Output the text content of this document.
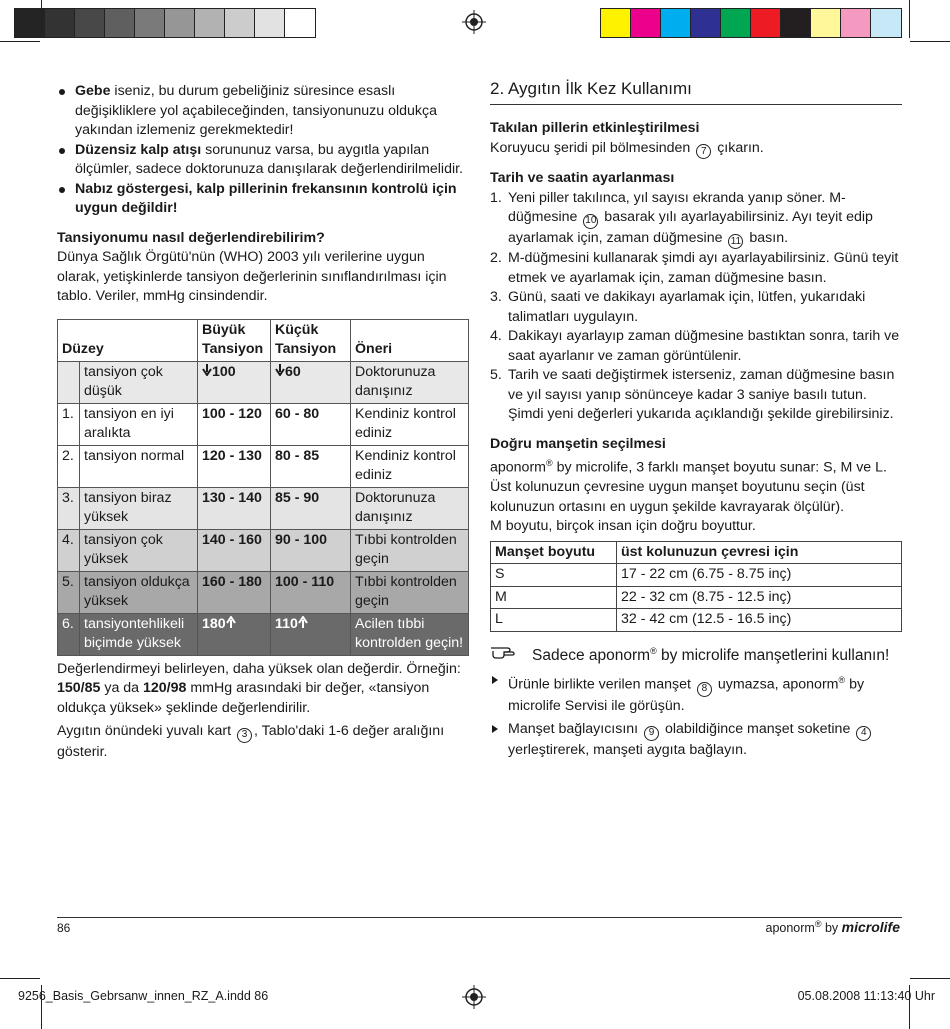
Gebe iseniz, bu durum gebeliğiniz süresince esaslı değişikliklere yol açabileceğinden, tansiyonunuzu oldukça yakından izlemeniz gerekmektedir!
Düzensiz kalp atışı sorununuz varsa, bu aygıtla yapılan ölçümler, sadece doktorunuza danışılarak değerlendirilmelidir.
Nabız göstergesi, kalp pillerinin frekansının kontrolü için uygun değildir!
Tansiyonumu nasıl değerlendirebilirim?
Dünya Sağlık Örgütü'nün (WHO) 2003 yılı verilerine uygun olarak, yetişkinlerde tansiyon değerlerinin sınıflandırılması için tablo. Veriler, mmHg cinsindendir.
Düzey		Büyük Tansiyon	Küçük Tansiyon	Öneri
	tansiyon çok düşük	100	60	Doktorunuza danışınız
1.	tansiyon en iyi aralıkta	100 - 120	60 - 80	Kendiniz kontrol ediniz
2.	tansiyon normal	120 - 130	80 - 85	Kendiniz kontrol ediniz
3.	tansiyon biraz yüksek	130 - 140	85 - 90	Doktorunuza danışınız
4.	tansiyon çok yüksek	140 - 160	90 - 100	Tıbbi kontrolden geçin
5.	tansiyon oldukça yüksek	160 - 180	100 - 110	Tıbbi kontrolden geçin
6.	tansiyontehlikeli biçimde yüksek	180	110	Acilen tıbbi kontrolden geçin!
Değerlendirmeyi belirleyen, daha yüksek olan değerdir. Örneğin: 150/85 ya da 120/98 mmHg arasındaki bir değer, «tansiyon oldukça yüksek» şeklinde değerlendirilir.
Aygıtın önündeki yuvalı kart 3 , Tablo'daki 1-6 değer aralığını gösterir.
2. Aygıtın İlk Kez Kullanımı
Takılan pillerin etkinleştirilmesi
Koruyucu şeridi pil bölmesinden 7 çıkarın.
Tarih ve saatin ayarlanması
1. Yeni piller takılınca, yıl sayısı ekranda yanıp söner. M-düğmesine 10 basarak yılı ayarlayabilirsiniz. Ayı teyit edip ayarlamak için, zaman düğmesine 11 basın.
2. M-düğmesini kullanarak şimdi ayı ayarlayabilirsiniz. Günü teyit etmek ve ayarlamak için, zaman düğmesine basın.
3. Günü, saati ve dakikayı ayarlamak için, lütfen, yukarıdaki talimatları uygulayın.
4. Dakikayı ayarlayıp zaman düğmesine bastıktan sonra, tarih ve saat ayarlanır ve zaman görüntülenir.
5. Tarih ve saati değiştirmek isterseniz, zaman düğmesine basın ve yıl sayısı yanıp sönünceye kadar 3 saniye basılı tutun. Şimdi yeni değerleri yukarıda açıklandığı şekilde girebilirsiniz.
Doğru manşetin seçilmesi
aponorm® by microlife, 3 farklı manşet boyutu sunar: S, M ve L. Üst kolunuzun çevresine uygun manşet boyutunu seçin (üst kolunuzun ortasını en uygun şekilde kavrayarak ölçülür).
M boyutu, birçok insan için doğru boyuttur.
Manşet boyutu	üst kolunuzun çevresi için
S	17 - 22 cm (6.75 - 8.75 inç)
M	22 - 32 cm (8.75 - 12.5 inç)
L	32 - 42 cm (12.5 - 16.5 inç)
Sadece aponorm® by microlife manşetlerini kullanın!
Ürünle birlikte verilen manşet 8 uymazsa, aponorm® by microlife Servisi ile görüşün.
Manşet bağlayıcısını 9 olabildiğince manşet soketine 4 yerleştirerek, manşeti aygıta bağlayın.
86	aponorm® by microlife
9256_Basis_Gebrsanw_innen_RZ_A.indd 86	05.08.2008 11:13:40 Uhr
